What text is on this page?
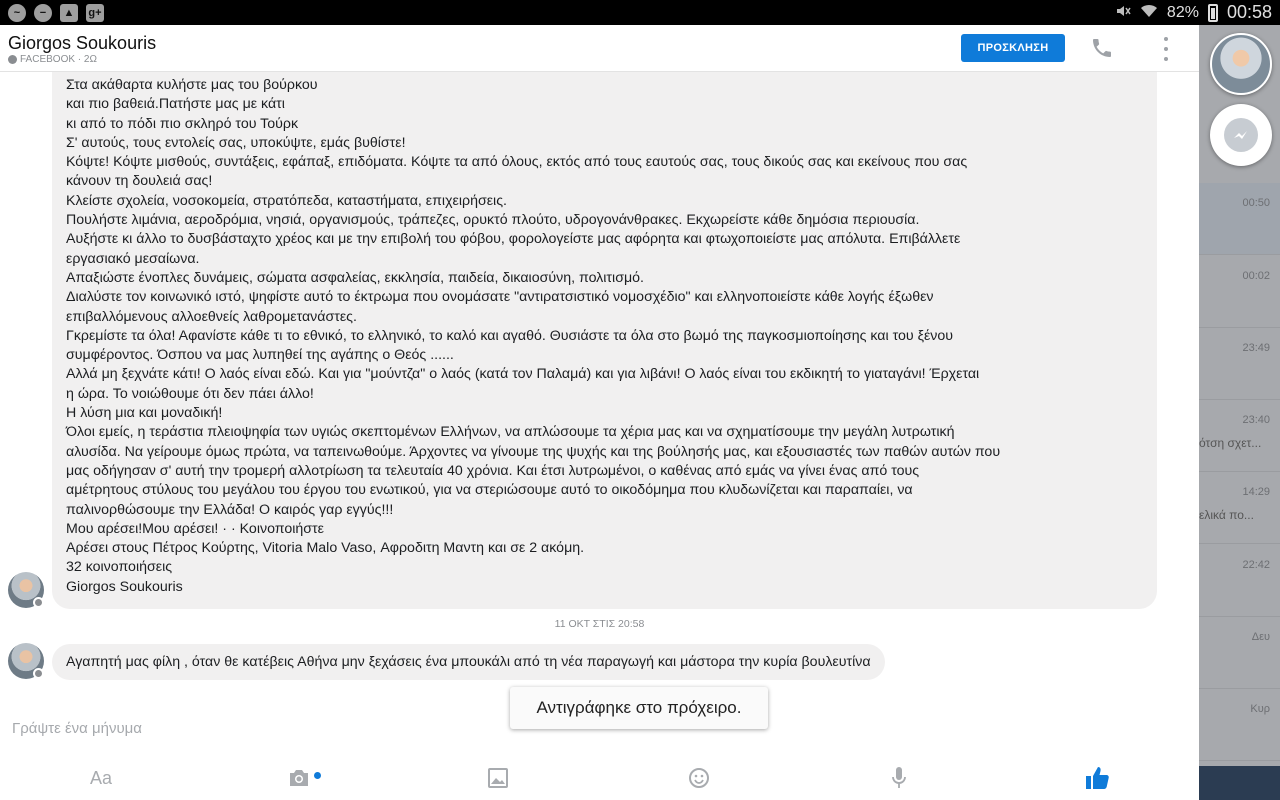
~	−	▲	g+	82% 00:58
00:50
00:02
23:49
23:40
ότση σχετ...
14:29
ελικά πο...
22:42
Δευ
Κυρ
Giorgos Soukouris
FACEBOOK · 2Ω
ΠΡΟΣΚΛΗΣΗ
Στα ακάθαρτα κυλήστε μας του βούρκου
και πιο βαθειά.Πατήστε μας με κάτι
κι από το πόδι πιο σκληρό του Τούρκ
Σ' αυτούς, τους εντολείς σας, υποκύψτε, εμάς βυθίστε!
Κόψτε! Κόψτε μισθούς, συντάξεις, εφάπαξ, επιδόματα. Κόψτε τα από όλους, εκτός από τους εαυτούς σας, τους δικούς σας και εκείνους που σας
κάνουν τη δουλειά σας!
Κλείστε σχολεία, νοσοκομεία, στρατόπεδα, καταστήματα, επιχειρήσεις.
Πουλήστε λιμάνια, αεροδρόμια, νησιά, οργανισμούς, τράπεζες, ορυκτό πλούτο, υδρογονάνθρακες. Εκχωρείστε κάθε δημόσια περιουσία.
Αυξήστε κι άλλο το δυσβάσταχτο χρέος και με την επιβολή του φόβου, φορολογείστε μας αφόρητα και φτωχοποιείστε μας απόλυτα. Επιβάλλετε
εργασιακό μεσαίωνα.
Απαξιώστε ένοπλες δυνάμεις, σώματα ασφαλείας, εκκλησία, παιδεία, δικαιοσύνη, πολιτισμό.
Διαλύστε τον κοινωνικό ιστό, ψηφίστε αυτό το έκτρωμα που ονομάσατε "αντιρατσιστικό νομοσχέδιο" και ελληνοποιείστε κάθε λογής έξωθεν
επιβαλλόμενους αλλοεθνείς λαθρομετανάστες.
Γκρεμίστε τα όλα! Αφανίστε κάθε τι το εθνικό, το ελληνικό, το καλό και αγαθό. Θυσιάστε τα όλα στο βωμό της παγκοσμιοποίησης και του ξένου
συμφέροντος. Όσπου να μας λυπηθεί της αγάπης ο Θεός ......
Αλλά μη ξεχνάτε κάτι! Ο λαός είναι εδώ. Και για "μούντζα" ο λαός (κατά τον Παλαμά) και για λιβάνι! Ο λαός είναι του εκδικητή το γιαταγάνι! Έρχεται
η ώρα. Το νοιώθουμε ότι δεν πάει άλλο!
Η λύση μια και μοναδική!
Όλοι εμείς, η τεράστια πλειοψηφία των υγιώς σκεπτομένων Ελλήνων, να απλώσουμε τα χέρια μας και να σχηματίσουμε την μεγάλη λυτρωτική
αλυσίδα. Να γείρουμε όμως πρώτα, να ταπεινωθούμε. Άρχοντες να γίνουμε της ψυχής και της βούλησής μας, και εξουσιαστές των παθών αυτών που
μας οδήγησαν σ' αυτή την τρομερή αλλοτρίωση τα τελευταία 40 χρόνια. Και έτσι λυτρωμένοι, ο καθένας από εμάς να γίνει ένας από τους
αμέτρητους στύλους του μεγάλου του έργου του ενωτικού, για να στεριώσουμε αυτό το οικοδόμημα που κλυδωνίζεται και παραπαίει, να
παλινορθώσουμε την Ελλάδα! Ο καιρός γαρ εγγύς!!!
Μου αρέσει!Μου αρέσει! · · Κοινοποιήστε
Αρέσει στους Πέτρος Κούρτης, Vitoria Malo Vaso, Αφροδιτη Μαντη και σε 2 ακόμη.
32 κοινοποιήσεις
Giorgos Soukouris
11 ΟΚΤ ΣΤΙΣ 20:58
Αγαπητή μας φίλη , όταν θε κατέβεις Αθήνα μην ξεχάσεις ένα μπουκάλι από τη νέα παραγωγή και μάστορα την κυρία βουλευτίνα
Γράψτε ένα μήνυμα
Αντιγράφηκε στο πρόχειρο.
Aa
